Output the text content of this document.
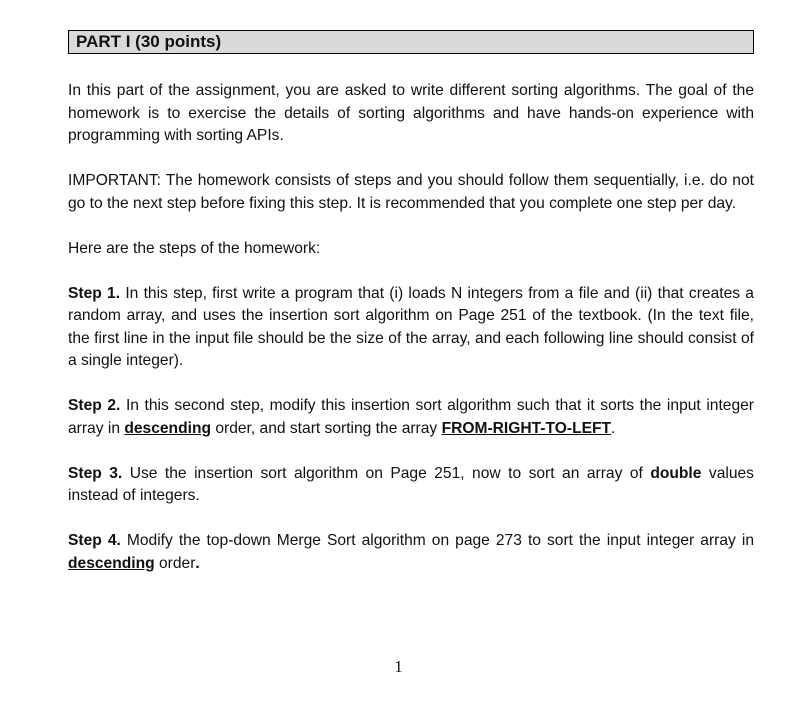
PART I (30 points)

In this part of the assignment, you are asked to write different sorting algorithms. The goal of the homework is to exercise the details of sorting algorithms and have hands-on experience with programming with sorting APIs.

IMPORTANT: The homework consists of steps and you should follow them sequentially, i.e. do not go to the next step before fixing this step. It is recommended that you complete one step per day.

Here are the steps of the homework:

Step 1. In this step, first write a program that (i) loads N integers from a file and (ii) that creates a random array, and uses the insertion sort algorithm on Page 251 of the textbook. (In the text file, the first line in the input file should be the size of the array, and each following line should consist of a single integer).

Step 2. In this second step, modify this insertion sort algorithm such that it sorts the input integer array in descending order, and start sorting the array FROM-RIGHT-TO-LEFT.

Step 3. Use the insertion sort algorithm on Page 251, now to sort an array of double values instead of integers.

Step 4. Modify the top-down Merge Sort algorithm on page 273 to sort the input integer array in descending order.

1
